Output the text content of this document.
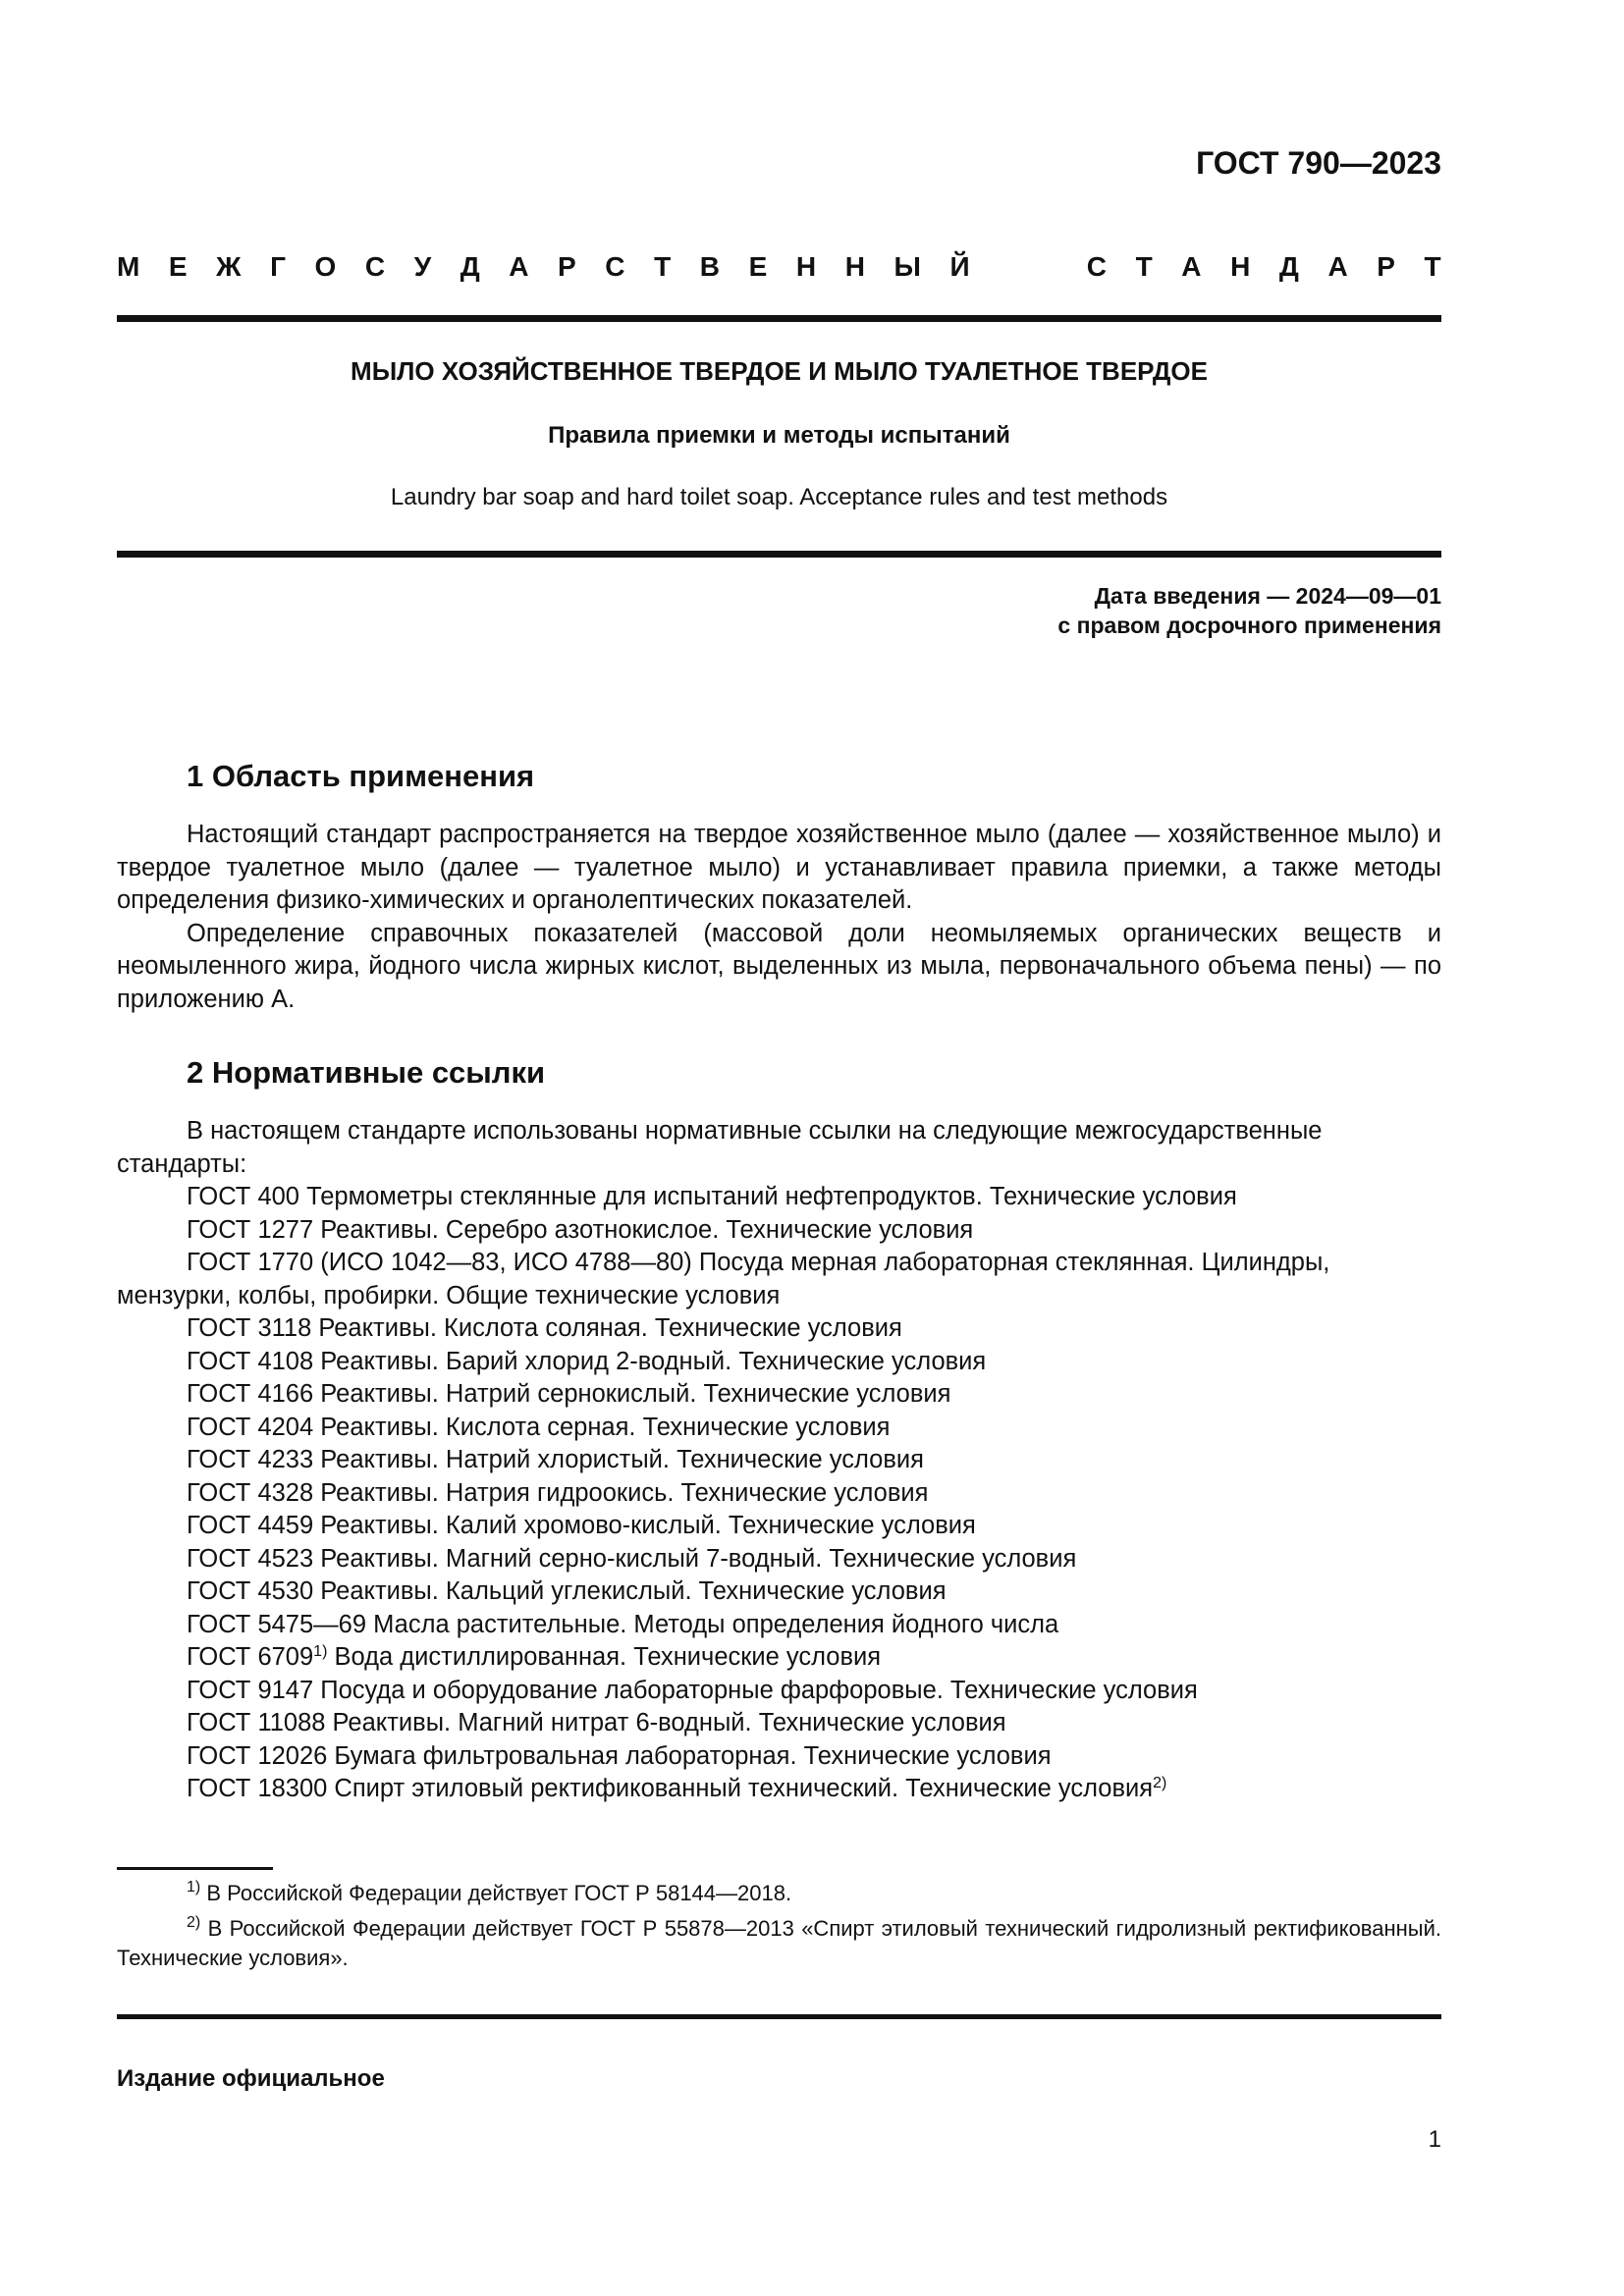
ГОСТ 790—2023
М Е Ж Г О С У Д А Р С Т В Е Н Н Ы Й	С Т А Н Д А Р Т
МЫЛО ХОЗЯЙСТВЕННОЕ ТВЕРДОЕ И МЫЛО ТУАЛЕТНОЕ ТВЕРДОЕ
Правила приемки и методы испытаний
Laundry bar soap and hard toilet soap. Acceptance rules and test methods
Дата введения — 2024—09—01
с правом досрочного применения
1 Область применения

Настоящий стандарт распространяется на твердое хозяйственное мыло (далее — хозяйственное мыло) и твердое туалетное мыло (далее — туалетное мыло) и устанавливает правила приемки, а также методы определения физико-химических и органолептических показателей.

Определение справочных показателей (массовой доли неомыляемых органических веществ и неомыленного жира, йодного числа жирных кислот, выделенных из мыла, первоначального объема пены) — по приложению А.

2 Нормативные ссылки
В настоящем стандарте использованы нормативные ссылки на следующие межгосударственные стандарты:
ГОСТ 400 Термометры стеклянные для испытаний нефтепродуктов. Технические условия
ГОСТ 1277 Реактивы. Серебро азотнокислое. Технические условия
ГОСТ 1770 (ИСО 1042—83, ИСО 4788—80) Посуда мерная лабораторная стеклянная. Цилиндры, мензурки, колбы, пробирки. Общие технические условия
ГОСТ 3118 Реактивы. Кислота соляная. Технические условия
ГОСТ 4108 Реактивы. Барий хлорид 2-водный. Технические условия
ГОСТ 4166 Реактивы. Натрий сернокислый. Технические условия
ГОСТ 4204 Реактивы. Кислота серная. Технические условия
ГОСТ 4233 Реактивы. Натрий хлористый. Технические условия
ГОСТ 4328 Реактивы. Натрия гидроокись. Технические условия
ГОСТ 4459 Реактивы. Калий хромово-кислый. Технические условия
ГОСТ 4523 Реактивы. Магний серно-кислый 7-водный. Технические условия
ГОСТ 4530 Реактивы. Кальций углекислый. Технические условия
ГОСТ 5475—69 Масла растительные. Методы определения йодного числа
ГОСТ 6709$^{1)}$ Вода дистиллированная. Технические условия
ГОСТ 9147 Посуда и оборудование лабораторные фарфоровые. Технические условия
ГОСТ 11088 Реактивы. Магний нитрат 6-водный. Технические условия
ГОСТ 12026 Бумага фильтровальная лабораторная. Технические условия
ГОСТ 18300 Спирт этиловый ректификованный технический. Технические условия$^{2)}$

$^{1)}$ В Российской Федерации действует ГОСТ Р 58144—2018.

$^{2)}$ В Российской Федерации действует ГОСТ Р 55878—2013 «Спирт этиловый технический гидролизный ректификованный. Технические условия».

Издание официальное
1
